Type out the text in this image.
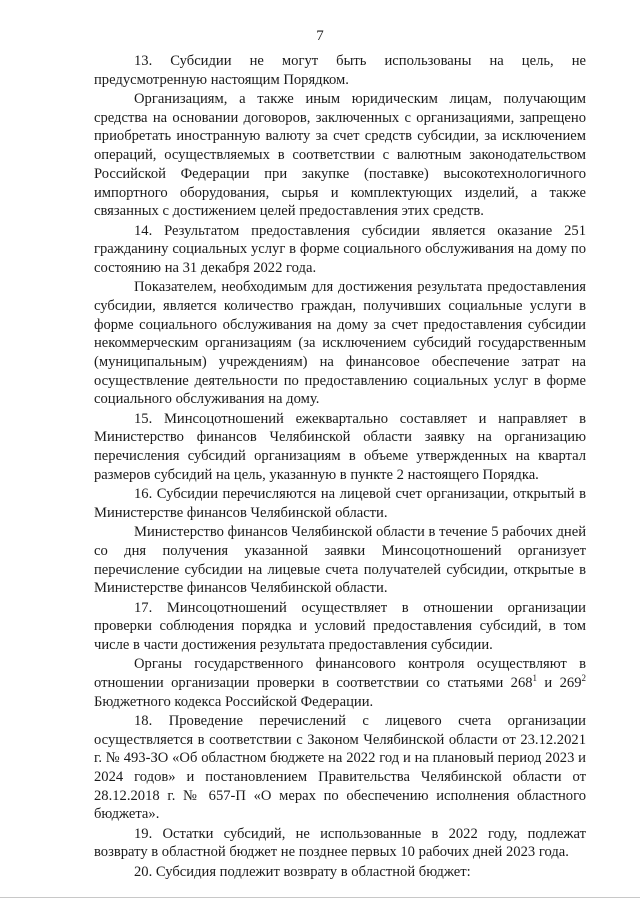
7

13. Субсидии не могут быть использованы на цель, не предусмотренную настоящим Порядком.

Организациям, а также иным юридическим лицам, получающим средства на основании договоров, заключенных с организациями, запрещено приобретать иностранную валюту за счет средств субсидии, за исключением операций, осуществляемых в соответствии с валютным законодательством Российской Федерации при закупке (поставке) высокотехнологичного импортного оборудования, сырья и комплектующих изделий, а также связанных с достижением целей предоставления этих средств.

14. Результатом предоставления субсидии является оказание 251 гражданину социальных услуг в форме социального обслуживания на дому по состоянию на 31 декабря 2022 года.

Показателем, необходимым для достижения результата предоставления субсидии, является количество граждан, получивших социальные услуги в форме социального обслуживания на дому за счет предоставления субсидии некоммерческим организациям (за исключением субсидий государственным (муниципальным) учреждениям) на финансовое обеспечение затрат на осуществление деятельности по предоставлению социальных услуг в форме социального обслуживания на дому.

15. Минсоцотношений ежеквартально составляет и направляет в Министерство финансов Челябинской области заявку на организацию перечисления субсидий организациям в объеме утвержденных на квартал размеров субсидий на цель, указанную в пункте 2 настоящего Порядка.

16. Субсидии перечисляются на лицевой счет организации, открытый в Министерстве финансов Челябинской области.

Министерство финансов Челябинской области в течение 5 рабочих дней со дня получения указанной заявки Минсоцотношений организует перечисление субсидии на лицевые счета получателей субсидии, открытые в Министерстве финансов Челябинской области.

17. Минсоцотношений осуществляет в отношении организации проверки соблюдения порядка и условий предоставления субсидий, в том числе в части достижения результата предоставления субсидии.

Органы государственного финансового контроля осуществляют в отношении организации проверки в соответствии со статьями $268^1$ и $269^2$ Бюджетного кодекса Российской Федерации.

18. Проведение перечислений с лицевого счета организации осуществляется в соответствии с Законом Челябинской области от 23.12.2021 г. № 493-ЗО «Об областном бюджете на 2022 год и на плановый период 2023 и 2024 годов» и постановлением Правительства Челябинской области от 28.12.2018 г. № 657-П «О мерах по обеспечению исполнения областного бюджета».

19. Остатки субсидий, не использованные в 2022 году, подлежат возврату в областной бюджет не позднее первых 10 рабочих дней 2023 года.

20. Субсидия подлежит возврату в областной бюджет:
